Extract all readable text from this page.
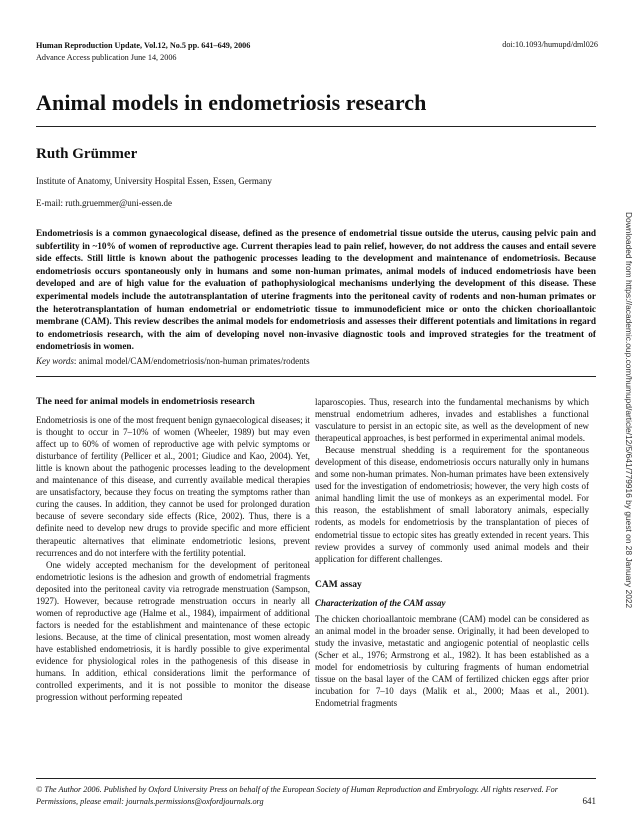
Human Reproduction Update, Vol.12, No.5 pp. 641–649, 2006
Advance Access publication June 14, 2006
doi:10.1093/humupd/dml026
Animal models in endometriosis research
Ruth Grümmer
Institute of Anatomy, University Hospital Essen, Essen, Germany
E-mail: ruth.gruemmer@uni-essen.de
Endometriosis is a common gynaecological disease, defined as the presence of endometrial tissue outside the uterus, causing pelvic pain and subfertility in ~10% of women of reproductive age. Current therapies lead to pain relief, however, do not address the causes and entail severe side effects. Still little is known about the pathogenic processes leading to the development and maintenance of endometriosis. Because endometriosis occurs spontaneously only in humans and some non-human primates, animal models of induced endometriosis have been developed and are of high value for the evaluation of pathophysiological mechanisms underlying the development of this disease. These experimental models include the autotransplantation of uterine fragments into the peritoneal cavity of rodents and non-human primates or the heterotransplantation of human endometrial or endometriotic tissue to immunodeficient mice or onto the chicken chorioallantoic membrane (CAM). This review describes the animal models for endometriosis and assesses their different potentials and limitations in regard to endometriosis research, with the aim of developing novel non-invasive diagnostic tools and improved strategies for the treatment of endometriosis in women.
Key words: animal model/CAM/endometriosis/non-human primates/rodents
The need for animal models in endometriosis research

Endometriosis is one of the most frequent benign gynaecological diseases; it is thought to occur in 7–10% of women (Wheeler, 1989) but may even affect up to 60% of women of reproductive age with pelvic symptoms or disturbance of fertility (Pellicer et al., 2001; Giudice and Kao, 2004). Yet, little is known about the pathogenic processes leading to the development and maintenance of this disease, and currently available medical therapies are unsatisfactory, because they focus on treating the symptoms rather than curing the causes. In addition, they cannot be used for prolonged duration because of severe secondary side effects (Rice, 2002). Thus, there is a definite need to develop new drugs to provide specific and more efficient therapeutic alternatives that eliminate endometriotic lesions, prevent recurrences and do not interfere with the fertility potential.

One widely accepted mechanism for the development of peritoneal endometriotic lesions is the adhesion and growth of endometrial fragments deposited into the peritoneal cavity via retrograde menstruation (Sampson, 1927). However, because retrograde menstruation occurs in nearly all women of reproductive age (Halme et al., 1984), impairment of additional factors is needed for the establishment and maintenance of these ectopic lesions. Because, at the time of clinical presentation, most women already have established endometriosis, it is hardly possible to give experimental evidence for physiological roles in the pathogenesis of this disease in humans. In addition, ethical considerations limit the performance of controlled experiments, and it is not possible to monitor the disease progression without performing repeated

laparoscopies. Thus, research into the fundamental mechanisms by which menstrual endometrium adheres, invades and establishes a functional vasculature to persist in an ectopic site, as well as the development of new therapeutical approaches, is best performed in experimental animal models.

Because menstrual shedding is a requirement for the spontaneous development of this disease, endometriosis occurs naturally only in humans and some non-human primates. Non-human primates have been extensively used for the investigation of endometriosis; however, the very high costs of animal handling limit the use of monkeys as an experimental model. For this reason, the establishment of small laboratory animals, especially rodents, as models for endometriosis by the transplantation of pieces of endometrial tissue to ectopic sites has greatly extended in recent years. This review provides a survey of commonly used animal models and their application for different challenges.

CAM assay
Characterization of the CAM assay

The chicken chorioallantoic membrane (CAM) model can be considered as an animal model in the broader sense. Originally, it had been developed to study the invasive, metastatic and angiogenic potential of neoplastic cells (Scher et al., 1976; Armstrong et al., 1982). It has been established as a model for endometriosis by culturing fragments of human endometrial tissue on the basal layer of the CAM of fertilized chicken eggs after prior incubation for 7–10 days (Malik et al., 2000; Maas et al., 2001). Endometrial fragments

© The Author 2006. Published by Oxford University Press on behalf of the European Society of Human Reproduction and Embryology. All rights reserved. For
Permissions, please email: journals.permissions@oxfordjournals.org	641
Downloaded from https://academic.oup.com/humupd/article/12/5/641/779916 by guest on 28 January 2022
